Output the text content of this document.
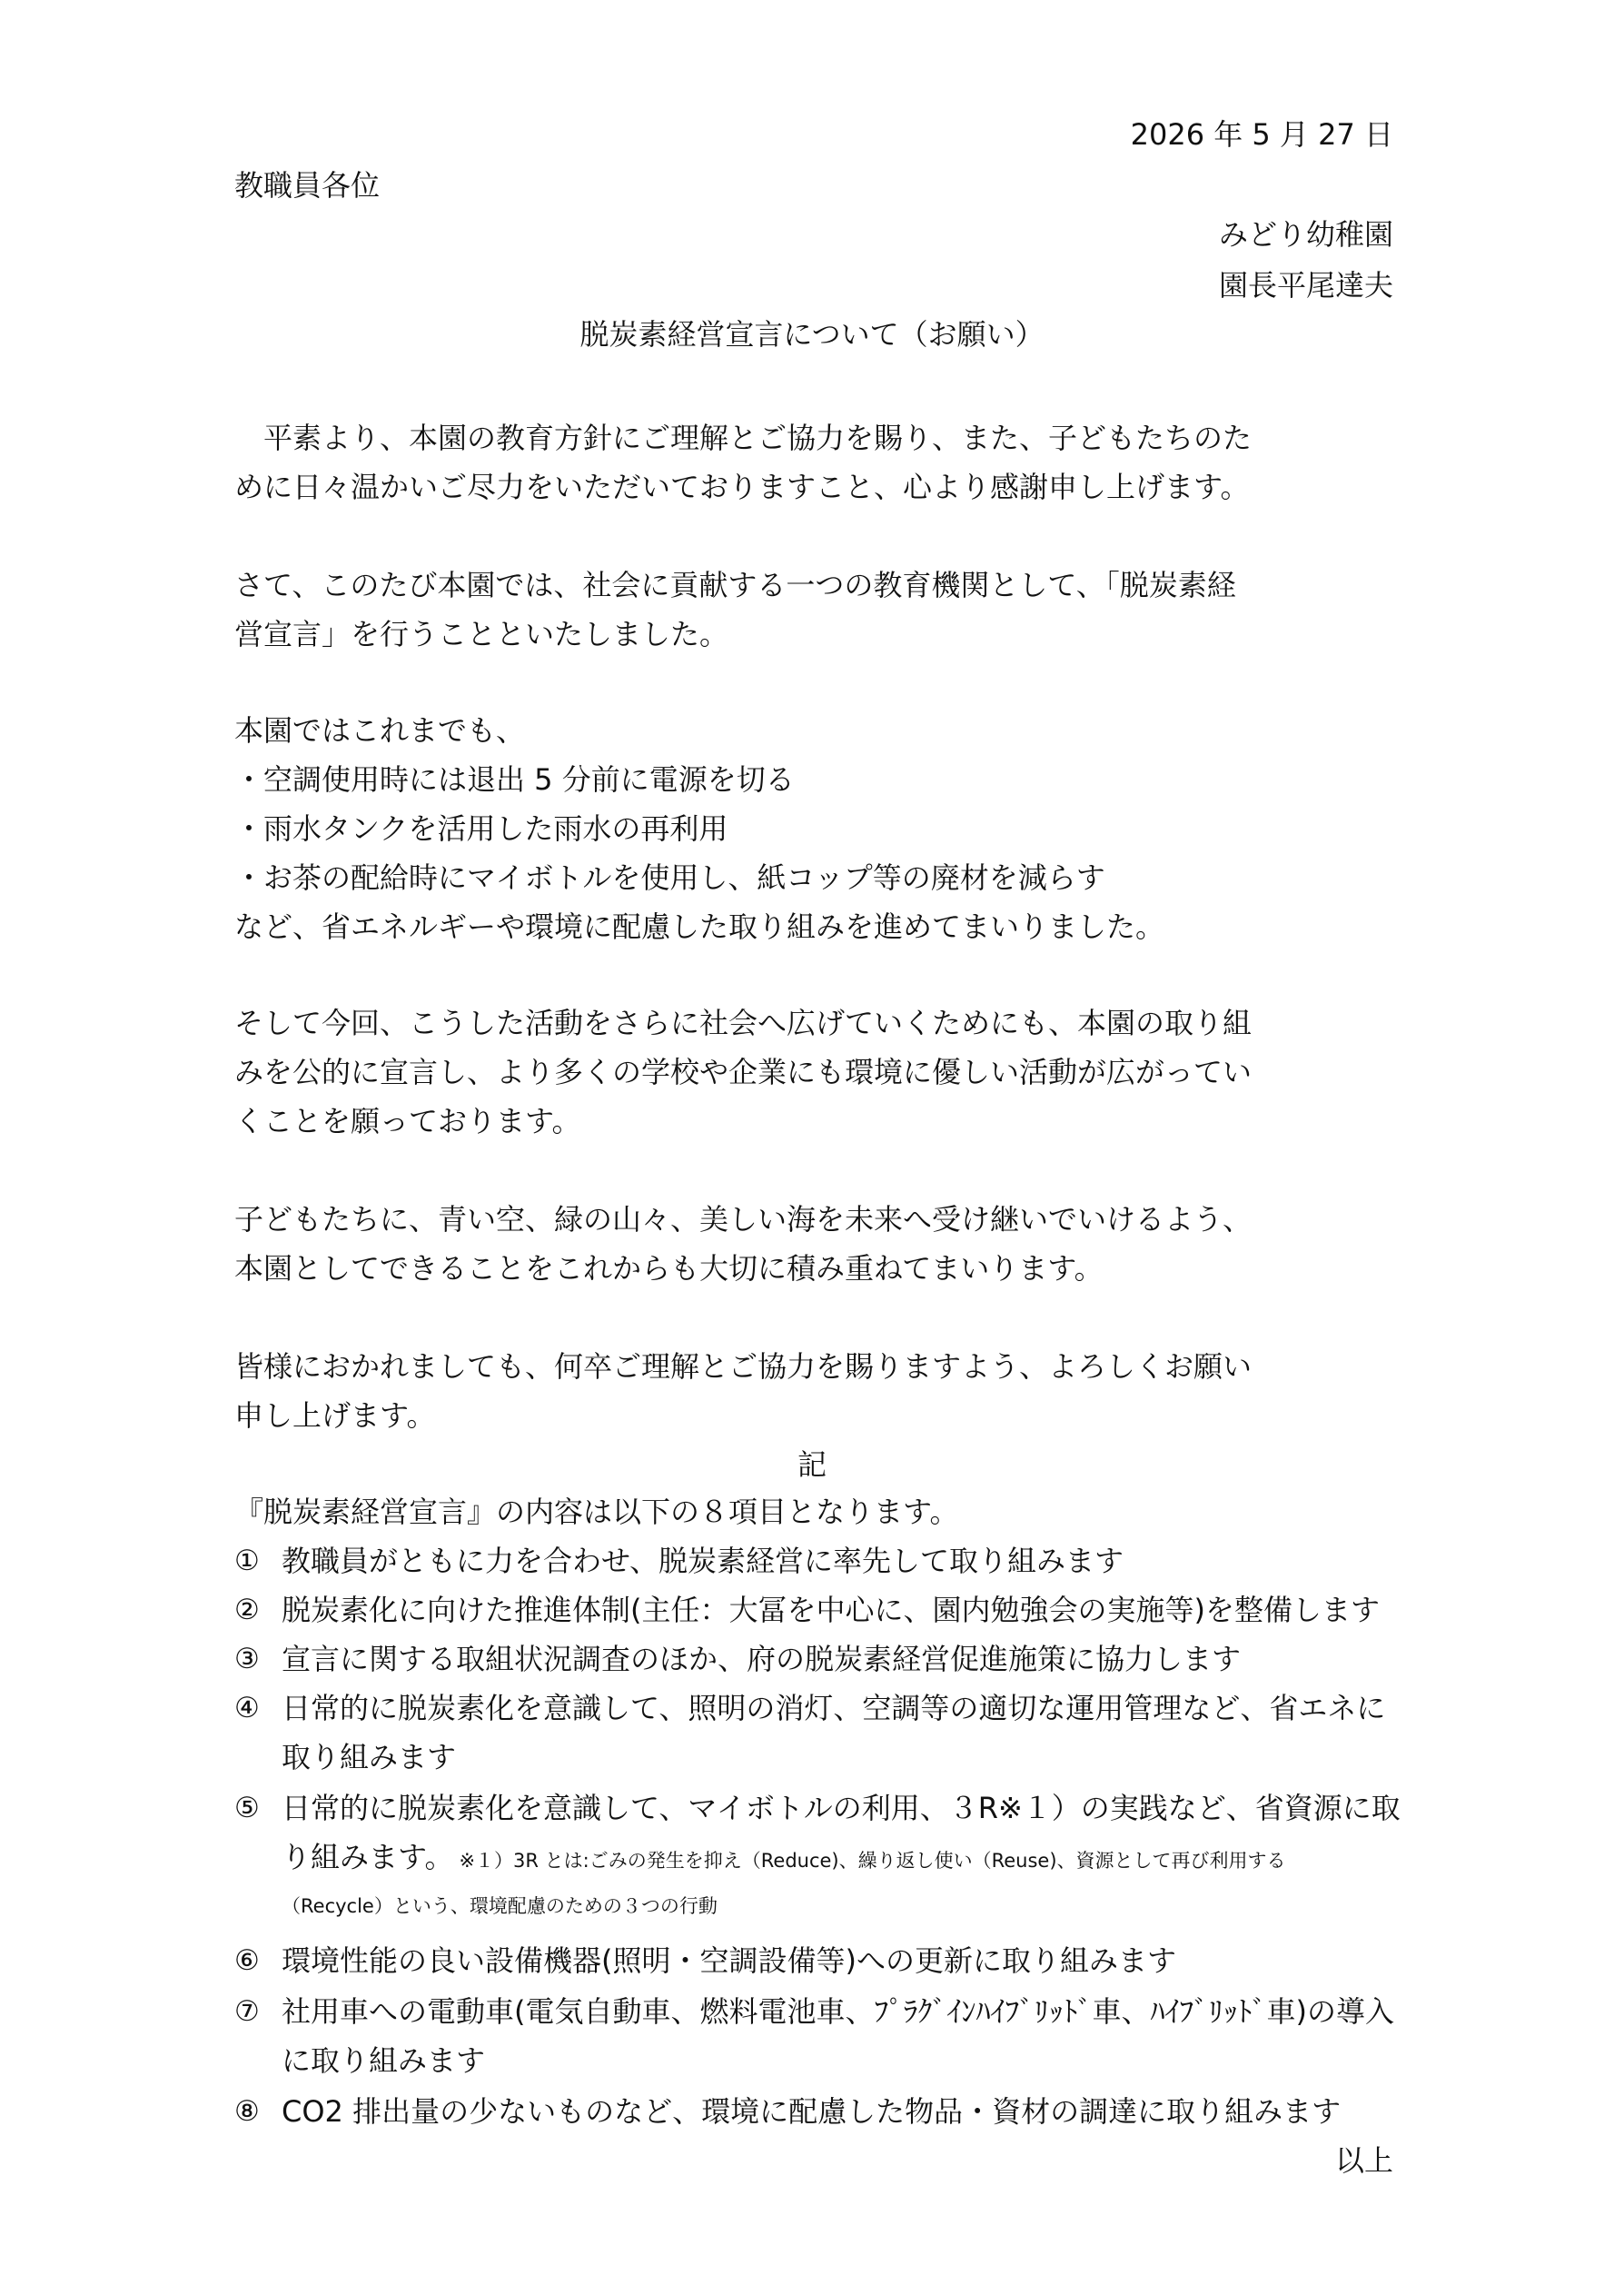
2026 年 5 月 27 日
教職員各位
みどり幼稚園
園長平尾達夫
脱炭素経営宣言について（お願い）
平素より、本園の教育方針にご理解とご協力を賜り、また、子どもたちのた
めに日々温かいご尽力をいただいておりますこと、心より感謝申し上げます。
さて、このたび本園では、社会に貢献する一つの教育機関として、「脱炭素経
営宣言」を行うことといたしました。
本園ではこれまでも、
・空調使用時には退出 5 分前に電源を切る
・雨水タンクを活用した雨水の再利用
・お茶の配給時にマイボトルを使用し、紙コップ等の廃材を減らす
など、省エネルギーや環境に配慮した取り組みを進めてまいりました。
そして今回、こうした活動をさらに社会へ広げていくためにも、本園の取り組
みを公的に宣言し、より多くの学校や企業にも環境に優しい活動が広がってい
くことを願っております。
子どもたちに、青い空、緑の山々、美しい海を未来へ受け継いでいけるよう、
本園としてできることをこれからも大切に積み重ねてまいります。
皆様におかれましても、何卒ご理解とご協力を賜りますよう、よろしくお願い
申し上げます。
記
『脱炭素経営宣言』の内容は以下の８項目となります。
① 教職員がともに力を合わせ、脱炭素経営に率先して取り組みます
② 脱炭素化に向けた推進体制(主任：大冨を中心に、園内勉強会の実施等)を整備します
③ 宣言に関する取組状況調査のほか、府の脱炭素経営促進施策に協力します
④ 日常的に脱炭素化を意識して、照明の消灯、空調等の適切な運用管理など、省エネに
取り組みます
⑤ 日常的に脱炭素化を意識して、マイボトルの利用、３R※１）の実践など、省資源に取
り組みます。 ※１）3R とは:ごみの発生を抑え（Reduce)、繰り返し使い（Reuse)、資源として再び利用する
（Recycle）という、環境配慮のための３つの行動
⑥ 環境性能の良い設備機器(照明・空調設備等)への更新に取り組みます
⑦ 社用車への電動車(電気自動車、燃料電池車、ﾌﾟﾗｸﾞｲﾝﾊｲﾌﾞﾘｯﾄﾞ車、ﾊｲﾌﾞﾘｯﾄﾞ車)の導入
に取り組みます
⑧ CO2 排出量の少ないものなど、環境に配慮した物品・資材の調達に取り組みます
以上
